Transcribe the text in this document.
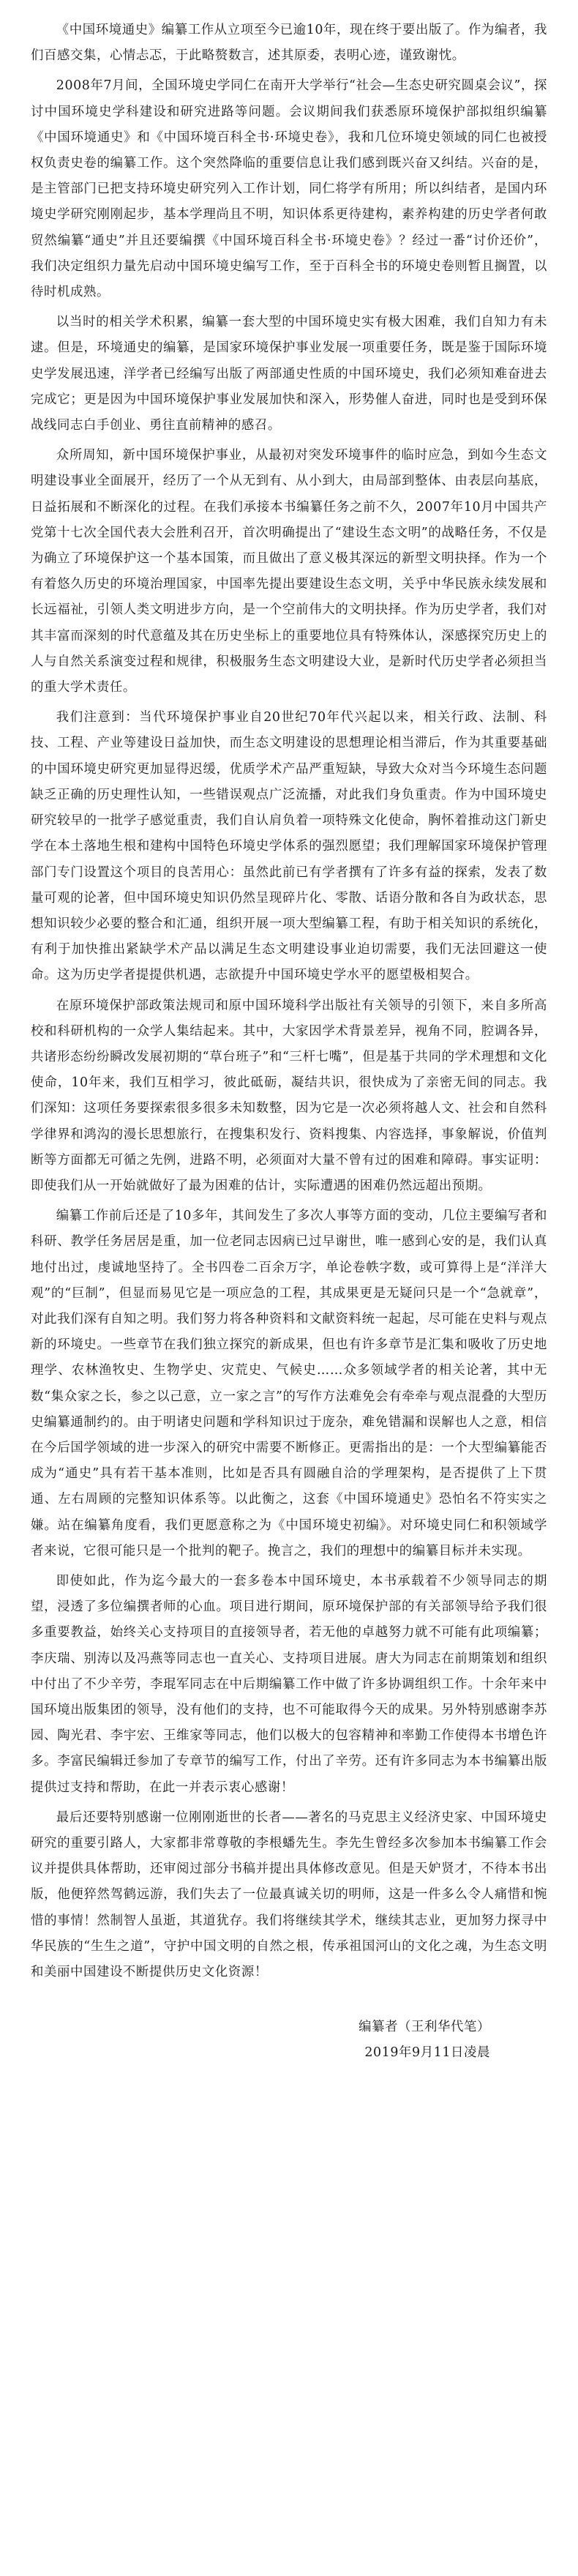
《中国环境通史》编纂工作从立项至今已逾10年，现在终于要出版了。作为编者，我们百感交集，心情忐忑，于此略赘数言，述其原委，表明心迹，谨致谢忱。

2008年7月间，全国环境史学同仁在南开大学举行“社会—生态史研究圆桌会议”，探讨中国环境史学科建设和研究进路等问题。会议期间我们获悉原环境保护部拟组织编纂《中国环境通史》和《中国环境百科全书·环境史卷》，我和几位环境史领域的同仁也被授权负责史卷的编纂工作。这个突然降临的重要信息让我们感到既兴奋又纠结。兴奋的是，是主管部门已把支持环境史研究列入工作计划，同仁将学有所用；所以纠结者，是国内环境史学研究刚刚起步，基本学理尚且不明，知识体系更待建构，素养构建的历史学者何敢贸然编纂“通史”并且还要编撰《中国环境百科全书·环境史卷》？经过一番“讨价还价”，我们决定组织力量先启动中国环境史编写工作，至于百科全书的环境史卷则暂且搁置，以待时机成熟。

以当时的相关学术积累，编纂一套大型的中国环境史实有极大困难，我们自知力有未逮。但是，环境通史的编纂，是国家环境保护事业发展一项重要任务，既是鉴于国际环境史学发展迅速，洋学者已经编写出版了两部通史性质的中国环境史，我们必须知难奋进去完成它；更是因为中国环境保护事业发展加快和深入，形势催人奋进，同时也是受到环保战线同志白手创业、勇往直前精神的感召。

众所周知，新中国环境保护事业，从最初对突发环境事件的临时应急，到如今生态文明建设事业全面展开，经历了一个从无到有、从小到大，由局部到整体、由表层向基底，日益拓展和不断深化的过程。在我们承接本书编纂任务之前不久，2007年10月中国共产党第十七次全国代表大会胜利召开，首次明确提出了“建设生态文明”的战略任务，不仅是为确立了环境保护这一个基本国策，而且做出了意义极其深远的新型文明抉择。作为一个有着悠久历史的环境治理国家，中国率先提出要建设生态文明，关乎中华民族永续发展和长远福祉，引领人类文明进步方向，是一个空前伟大的文明抉择。作为历史学者，我们对其丰富而深刻的时代意蕴及其在历史坐标上的重要地位具有特殊体认，深感探究历史上的人与自然关系演变过程和规律，积极服务生态文明建设大业，是新时代历史学者必须担当的重大学术责任。

我们注意到：当代环境保护事业自20世纪70年代兴起以来，相关行政、法制、科技、工程、产业等建设日益加快，而生态文明建设的思想理论相当滞后，作为其重要基础的中国环境史研究更加显得迟缓，优质学术产品严重短缺，导致大众对当今环境生态问题缺乏正确的历史理性认知，一些错误观点广泛流播，对此我们身负重责。作为中国环境史研究较早的一批学子感觉重责，我们自认肩负着一项特殊文化使命，胸怀着推动这门新史学在本土落地生根和建构中国特色环境史学体系的强烈愿望；我们理解国家环境保护管理部门专门设置这个项目的良苦用心：虽然此前已有学者撰有了许多有益的探索，发表了数量可观的论著，但中国环境史知识仍然呈现碎片化、零散、话语分散和各自为政状态，思想知识较少必要的整合和汇通，组织开展一项大型编纂工程，有助于相关知识的系统化，有利于加快推出紧缺学术产品以满足生态文明建设事业迫切需要，我们无法回避这一使命。这为历史学者提提供机遇，志欲提升中国环境史学水平的愿望极相契合。

在原环境保护部政策法规司和原中国环境科学出版社有关领导的引领下，来自多所高校和科研机构的一众学人集结起来。其中，大家因学术背景差异，视角不同，腔调各异，共诸形态纷纷瞬改发展初期的“草台班子”和“三杆七嘴”，但是基于共同的学术理想和文化使命，10年来，我们互相学习，彼此砥砺，凝结共识，很快成为了亲密无间的同志。我们深知：这项任务要探索很多很多未知数整，因为它是一次必须将越人文、社会和自然科学律界和鸿沟的漫长思想旅行，在搜集积发行、资料搜集、内容选择，事象解说，价值判断等方面都无可循之先例，进路不明，必须面对大量不曾有过的困难和障碍。事实证明：即使我们从一开始就做好了最为困难的估计，实际遭遇的困难仍然远超出预期。

编纂工作前后还是了10多年，其间发生了多次人事等方面的变动，几位主要编写者和科研、教学任务居居是重，加一位老同志因病已过早谢世，唯一感到心安的是，我们认真地付出过，虔诚地坚持了。全书四卷二百余万字，单论卷帙字数，或可算得上是“洋洋大观”的“巨制”，但显而易见它是一项应急的工程，其成果更是无疑问只是一个“急就章”，对此我们深有自知之明。我们努力将各种资料和文献资料统一起起，尽可能在史料与观点新的环境史。一些章节在我们独立探究的新成果，但也有许多章节是汇集和吸收了历史地理学、农林渔牧史、生物学史、灾荒史、气候史……众多领域学者的相关论著，其中无数“集众家之长，参之以己意，立一家之言”的写作方法难免会有牵牵与观点混叠的大型历史编纂通制约的。由于明诸史问题和学科知识过于庞杂，难免错漏和误解也人之意，相信在今后国学领域的进一步深入的研究中需要不断修正。更需指出的是：一个大型编纂能否成为“通史”具有若干基本准则，比如是否具有圆融自洽的学理架构，是否提供了上下贯通、左右周顾的完整知识体系等。以此衡之，这套《中国环境通史》恐怕名不符实实之嫌。站在编纂角度看，我们更愿意称之为《中国环境史初编》。对环境史同仁和积领域学者来说，它很可能只是一个批判的靶子。挽言之，我们的理想中的编纂目标并未实现。

即使如此，作为迄今最大的一套多卷本中国环境史，本书承载着不少领导同志的期望，浸透了多位编撰者师的心血。项目进行期间，原环境保护部的有关部领导给予我们很多重要教益，始终关心支持项目的直接领导者，若无他的卓越努力就不可能有此项编纂；李庆瑞、别涛以及冯燕等同志也一直关心、支持项目进展。唐大为同志在前期策划和组织中付出了不少辛劳，李琨军同志在中后期编纂工作中做了许多协调组织工作。十余年来中国环境出版集团的领导，没有他们的支持，也不可能取得今天的成果。另外特别感谢李苏园、陶光君、李宇宏、王维家等同志，他们以极大的包容精神和率勤工作使得本书增色许多。李富民编辑迁参加了专章节的编写工作，付出了辛劳。还有许多同志为本书编纂出版提供过支持和帮助，在此一并表示衷心感谢！

最后还要特别感谢一位刚刚逝世的长者——著名的马克思主义经济史家、中国环境史研究的重要引路人，大家都非常尊敬的李根蟠先生。李先生曾经多次参加本书编纂工作会议并提供具体帮助，还审阅过部分书稿并提出具体修改意见。但是天妒贤才，不待本书出版，他便猝然驾鹤远游，我们失去了一位最真诚关切的明师，这是一件多么令人痛惜和惋惜的事情！然制智人虽逝，其道犹存。我们将继续其学术，继续其志业，更加努力探寻中华民族的“生生之道”，守护中国文明的自然之根，传承祖国河山的文化之魂，为生态文明和美丽中国建设不断提供历史文化资源！

编纂者（王利华代笔）
2019年9月11日凌晨
